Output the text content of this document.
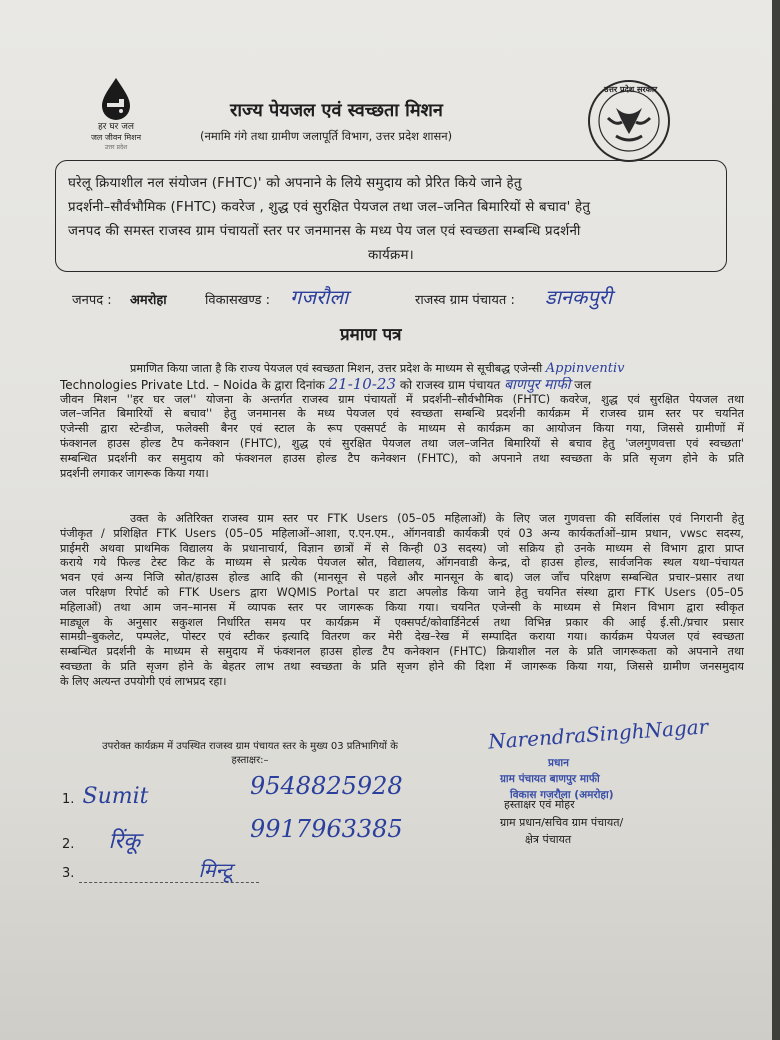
हर घर जल
जल जीवन मिशन
उत्तर प्रदेश
राज्य पेयजल एवं स्वच्छता मिशन
(नमामि गंगे तथा ग्रामीण जलापूर्ति विभाग, उत्तर प्रदेश शासन)
उत्तर प्रदेश सरकार
घरेलू क्रियाशील नल संयोजन (FHTC)' को अपनाने के लिये समुदाय को प्रेरित किये जाने हेतु
प्रदर्शनी–सौर्वभौमिक (FHTC) कवरेज , शुद्ध एवं सुरक्षित पेयजल तथा जल–जनित बिमारियों से बचाव' हेतु
जनपद की समस्त राजस्व ग्राम पंचायतों स्तर पर जनमानस के मध्य पेय जल एवं स्वच्छता सम्बन्धि प्रदर्शनी
कार्यक्रम।
जनपद : अमरोहा	विकासखण्ड : गजरौला	राजस्व ग्राम पंचायत : डानकपुरी
प्रमाण पत्र
प्रमाणित किया जाता है कि राज्य पेयजल एवं स्वच्छता मिशन, उत्तर प्रदेश के माध्यम से सूचीबद्ध एजेन्सी Appinventiv
Technologies Private Ltd. – Noida के द्वारा दिनांक 21-10-23 को राजस्व ग्राम पंचायत बाणपुर माफी जल
जीवन मिशन ''हर घर जल'' योजना के अन्तर्गत राजस्व ग्राम पंचायतों में प्रदर्शनी–सौर्वभौमिक (FHTC) कवरेज, शुद्ध एवं सुरक्षित पेयजल तथा
जल–जनित बिमारियों से बचाव'' हेतु जनमानस के मध्य पेयजल एवं स्वच्छता सम्बन्धि प्रदर्शनी कार्यक्रम में राजस्व ग्राम स्तर पर चयनित
एजेन्सी द्वारा स्टेन्डीज, फलेक्सी बैनर एवं स्टाल के रूप एक्सपर्ट के माध्यम से कार्यक्रम का आयोजन किया गया, जिससे ग्रामीणों में
फंक्शनल हाउस होल्ड टैप कनेक्शन (FHTC), शुद्ध एवं सुरक्षित पेयजल तथा जल–जनित बिमारियों से बचाव हेतु 'जलगुणवत्ता एवं स्वच्छता'
सम्बन्धित प्रदर्शनी कर समुदाय को फंक्शनल हाउस होल्ड टैप कनेक्शन (FHTC), को अपनाने तथा स्वच्छता के प्रति सृजग होने के प्रति
प्रदर्शनी लगाकर जागरूक किया गया।
उक्त के अतिरिक्त राजस्व ग्राम स्तर पर FTK Users (05–05 महिलाओं) के लिए जल गुणवत्ता की सर्विलांस एवं निगरानी हेतु
पंजीकृत / प्रशिक्षित FTK Users (05–05 महिलाओं–आशा, ए.एन.एम., ऑगनवाडी कार्यकत्री एवं 03 अन्य कार्यकर्ताओं–ग्राम प्रधान, vwsc सदस्य,
प्राईमरी अथवा प्राथमिक विद्यालय के प्रधानाचार्य, विज्ञान छात्रों में से किन्ही 03 सदस्य) जो सक्रिय हो उनके माध्यम से विभाग द्वारा प्राप्त
कराये गये फिल्ड टेस्ट किट के माध्यम से प्रत्येक पेयजल स्रोत, विद्यालय, ऑगनवाडी केन्द्र, दो हाउस होल्ड, सार्वजनिक स्थल यथा–पंचायत
भवन एवं अन्य निजि स्रोत/हाउस होल्ड आदि की (मानसून से पहले और मानसून के बाद) जल जाँच परिक्षण सम्बन्धित प्रचार–प्रसार तथा
जल परिक्षण रिपोर्ट को FTK Users द्वारा WQMIS Portal पर डाटा अपलोड किया जाने हेतु चयनित संस्था द्वारा FTK Users (05–05
महिलाओं) तथा आम जन–मानस में व्यापक स्तर पर जागरूक किया गया। चयनित एजेन्सी के माध्यम से मिशन विभाग द्वारा स्वीकृत
माड्यूल के अनुसार सकुशल निर्धारित समय पर कार्यक्रम में एक्सपर्ट/कोवार्डिनेटर्स तथा विभिन्न प्रकार की आई ई.सी./प्रचार प्रसार
सामग्री–बुकलेट, पम्पलेट, पोस्टर एवं स्टीकर इत्यादि वितरण कर मेरी देख–रेख में सम्पादित कराया गया। कार्यक्रम पेयजल एवं स्वच्छता
सम्बन्धित प्रदर्शनी के माध्यम से समुदाय में फंक्शनल हाउस होल्ड टैप कनेक्शन (FHTC) क्रियाशील नल के प्रति जागरूकता को अपनाने तथा
स्वच्छता के प्रति सृजग होने के बेहतर लाभ तथा स्वच्छता के प्रति सृजग होने की दिशा में जागरूक किया गया, जिससे ग्रामीण जनसमुदाय
के लिए अत्यन्त उपयोगी एवं लाभप्रद रहा।
उपरोक्त कार्यक्रम में उपस्थित राजस्व ग्राम पंचायत स्तर के मुख्य 03 प्रतिभागियों के
हस्ताक्षर:–
1. Sumit	9548825928
2. रिंकू	9917963385
3.	मिन्टू
NarendraSinghNagar
प्रधान
ग्राम पंचायत बाणपुर माफी
विकास गजरौला (अमरोहा)
हस्ताक्षर एवं मोहर
ग्राम प्रधान/सचिव ग्राम पंचायत/
क्षेत्र पंचायत
